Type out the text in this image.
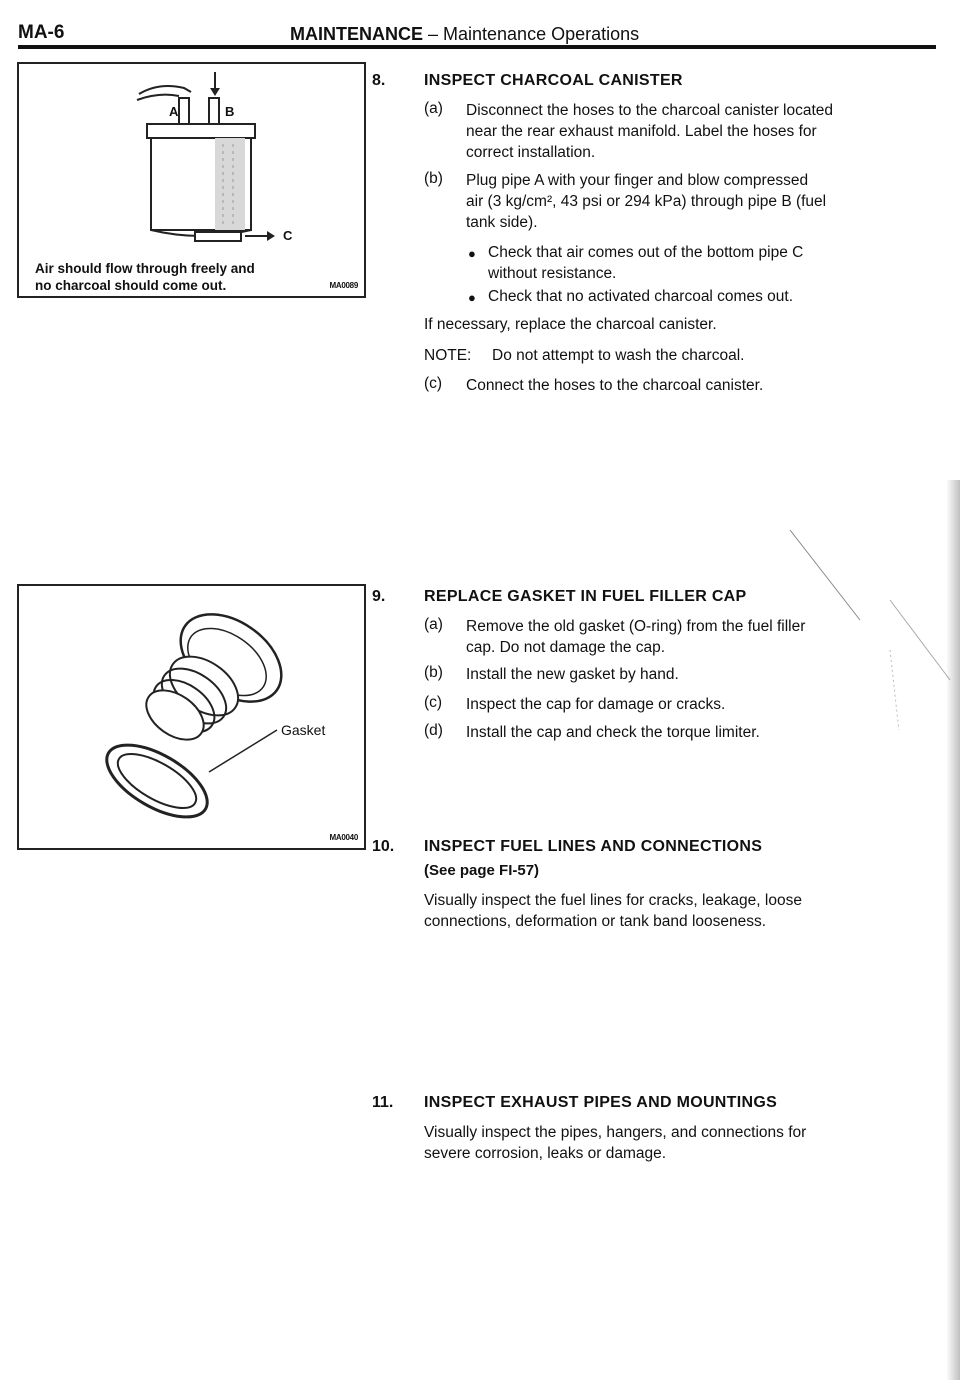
MA-6	MAINTENANCE – Maintenance Operations
A	B
C
Air should flow through freely and
no charcoal should come out.	MA0089
Gasket
MA0040
8. INSPECT CHARCOAL CANISTER
(a) Disconnect the hoses to the charcoal canister located
near the rear exhaust manifold. Label the hoses for
correct installation.
(b) Plug pipe A with your finger and blow compressed
air (3 kg/cm², 43 psi or 294 kPa) through pipe B (fuel
tank side).
● Check that air comes out of the bottom pipe C
without resistance.
● Check that no activated charcoal comes out.
If necessary, replace the charcoal canister.
NOTE: Do not attempt to wash the charcoal.
(c) Connect the hoses to the charcoal canister.
9. REPLACE GASKET IN FUEL FILLER CAP
(a) Remove the old gasket (O-ring) from the fuel filler
cap. Do not damage the cap.
(b) Install the new gasket by hand.
(c) Inspect the cap for damage or cracks.
(d) Install the cap and check the torque limiter.
10. INSPECT FUEL LINES AND CONNECTIONS
(See page FI-57)
Visually inspect the fuel lines for cracks, leakage, loose
connections, deformation or tank band looseness.
11. INSPECT EXHAUST PIPES AND MOUNTINGS
Visually inspect the pipes, hangers, and connections for
severe corrosion, leaks or damage.
